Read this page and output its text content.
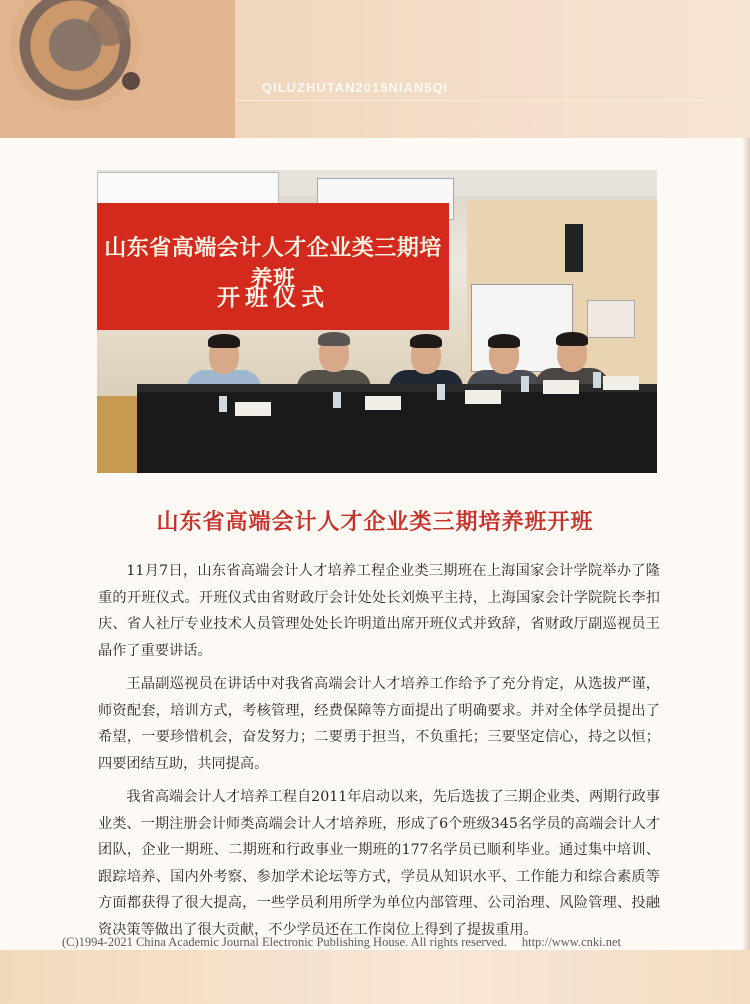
QILUZHUTAN2015NIAN5QI
山东省高端会计人才企业类三期培养班
开班仪式
山东省高端会计人才企业类三期培养班开班

11月7日，山东省高端会计人才培养工程企业类三期班在上海国家会计学院举办了隆重的开班仪式。开班仪式由省财政厅会计处处长刘焕平主持，上海国家会计学院院长李扣庆、省人社厅专业技术人员管理处处长许明道出席开班仪式并致辞，省财政厅副巡视员王晶作了重要讲话。

王晶副巡视员在讲话中对我省高端会计人才培养工作给予了充分肯定，从选拔严谨，师资配套，培训方式，考核管理，经费保障等方面提出了明确要求。并对全体学员提出了希望，一要珍惜机会，奋发努力；二要勇于担当，不负重托；三要坚定信心，持之以恒；四要团结互助，共同提高。

我省高端会计人才培养工程自2011年启动以来，先后选拔了三期企业类、两期行政事业类、一期注册会计师类高端会计人才培养班，形成了6个班级345名学员的高端会计人才团队，企业一期班、二期班和行政事业一期班的177名学员已顺利毕业。通过集中培训、跟踪培养、国内外考察、参加学术论坛等方式，学员从知识水平、工作能力和综合素质等方面都获得了很大提高，一些学员利用所学为单位内部管理、公司治理、风险管理、投融资决策等做出了很大贡献，不少学员还在工作岗位上得到了提拔重用。

(C)1994-2021 China Academic Journal Electronic Publishing House. All rights reserved. http://www.cnki.net
